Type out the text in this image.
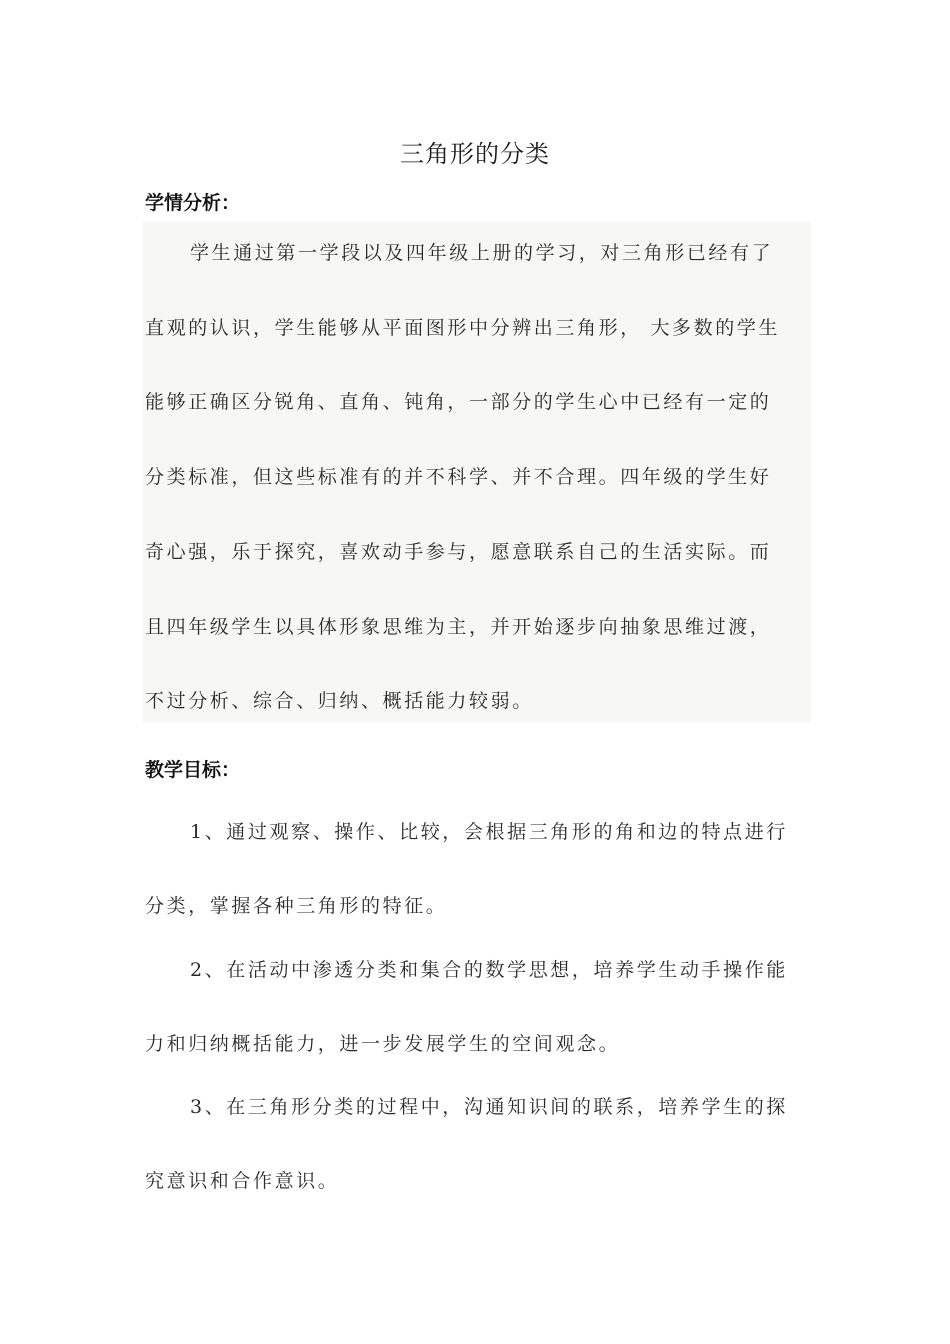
三角形的分类
学情分析：
学生通过第一学段以及四年级上册的学习，对三角形已经有了
直观的认识，学生能够从平面图形中分辨出三角形， 大多数的学生
能够正确区分锐角、直角、钝角，一部分的学生心中已经有一定的
分类标准，但这些标准有的并不科学、并不合理。四年级的学生好
奇心强，乐于探究，喜欢动手参与，愿意联系自己的生活实际。而
且四年级学生以具体形象思维为主，并开始逐步向抽象思维过渡，
不过分析、综合、归纳、概括能力较弱。
教学目标：
1、通过观察、操作、比较，会根据三角形的角和边的特点进行
分类，掌握各种三角形的特征。
2、在活动中渗透分类和集合的数学思想，培养学生动手操作能
力和归纳概括能力，进一步发展学生的空间观念。
3、在三角形分类的过程中，沟通知识间的联系，培养学生的探
究意识和合作意识。
